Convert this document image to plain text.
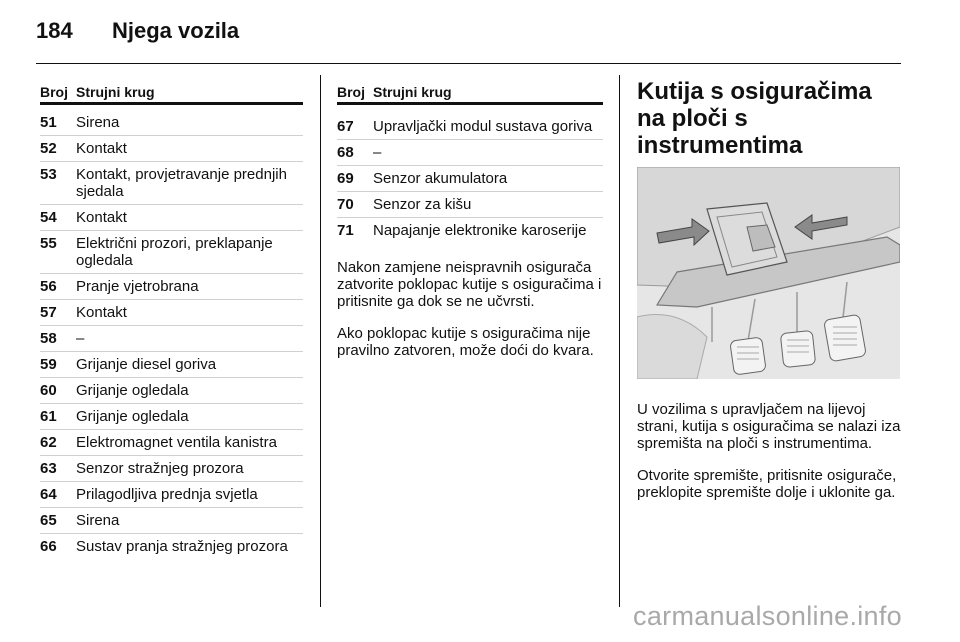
184 Njega vozila
Broj Strujni krug
51	Sirena
52	Kontakt
53	Kontakt, provjetravanje prednjih sjedala
54	Kontakt
55	Električni prozori, preklapanje ogledala
56	Pranje vjetrobrana
57	Kontakt
58	–
59	Grijanje diesel goriva
60	Grijanje ogledala
61	Grijanje ogledala
62	Elektromagnet ventila kanistra
63	Senzor stražnjeg prozora
64	Prilagodljiva prednja svjetla
65	Sirena
66	Sustav pranja stražnjeg prozora
Broj Strujni krug
67	Upravljački modul sustava goriva
68	–
69	Senzor akumulatora
70	Senzor za kišu
71	Napajanje elektronike karoserije

Nakon zamjene neispravnih osigurača zatvorite poklopac kutije s osiguračima i pritisnite ga dok se ne učvrsti.

Ako poklopac kutije s osiguračima nije pravilno zatvoren, može doći do kvara.

Kutija s osiguračima na ploči s instrumentima

U vozilima s upravljačem na lijevoj strani, kutija s osiguračima se nalazi iza spremišta na ploči s instrumentima.

Otvorite spremište, pritisnite osigurače, preklopite spremište dolje i uklonite ga.

carmanualsonline.info
